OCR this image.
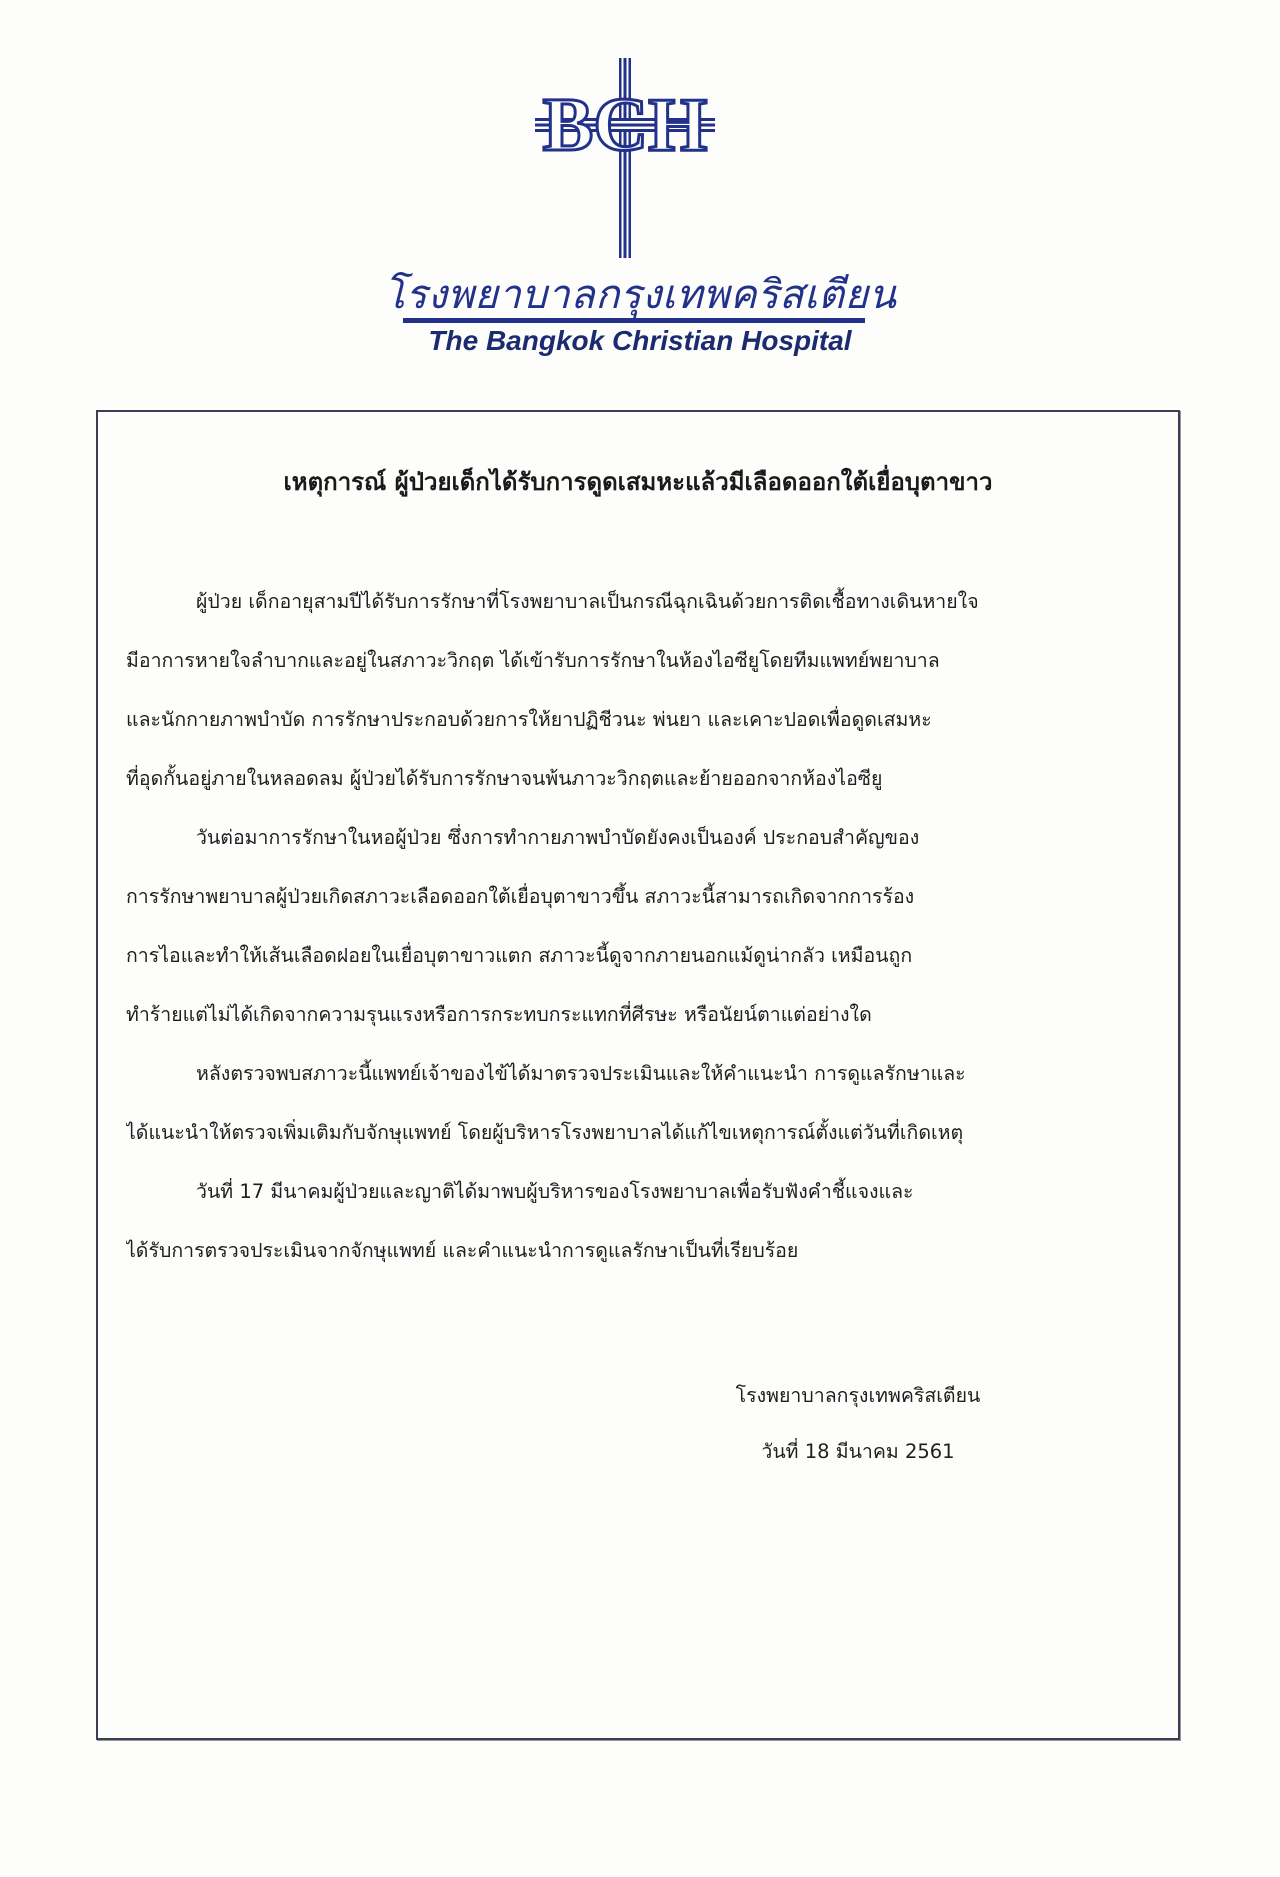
BCH
โรงพยาบาลกรุงเทพคริสเตียน
The Bangkok Christian Hospital
เหตุการณ์ ผู้ป่วยเด็กได้รับการดูดเสมหะแล้วมีเลือดออกใต้เยื่อบุตาขาว
ผู้ป่วย เด็กอายุสามปีได้รับการรักษาที่โรงพยาบาลเป็นกรณีฉุกเฉินด้วยการติดเชื้อทางเดินหายใจ
มีอาการหายใจลำบากและอยู่ในสภาวะวิกฤต ได้เข้ารับการรักษาในห้องไอซียูโดยทีมแพทย์พยาบาล
และนักกายภาพบำบัด การรักษาประกอบด้วยการให้ยาปฏิชีวนะ พ่นยา และเคาะปอดเพื่อดูดเสมหะ
ที่อุดกั้นอยู่ภายในหลอดลม ผู้ป่วยได้รับการรักษาจนพ้นภาวะวิกฤตและย้ายออกจากห้องไอซียู
วันต่อมาการรักษาในหอผู้ป่วย ซึ่งการทำกายภาพบำบัดยังคงเป็นองค์ ประกอบสำคัญของ
การรักษาพยาบาลผู้ป่วยเกิดสภาวะเลือดออกใต้เยื่อบุตาขาวขึ้น สภาวะนี้สามารถเกิดจากการร้อง
การไอและทำให้เส้นเลือดฝอยในเยื่อบุตาขาวแตก สภาวะนี้ดูจากภายนอกแม้ดูน่ากลัว เหมือนถูก
ทำร้ายแต่ไม่ได้เกิดจากความรุนแรงหรือการกระทบกระแทกที่ศีรษะ หรือนัยน์ตาแต่อย่างใด
หลังตรวจพบสภาวะนี้แพทย์เจ้าของไข้ได้มาตรวจประเมินและให้คำแนะนำ การดูแลรักษาและ
ได้แนะนำให้ตรวจเพิ่มเติมกับจักษุแพทย์ โดยผู้บริหารโรงพยาบาลได้แก้ไขเหตุการณ์ตั้งแต่วันที่เกิดเหตุ
วันที่ 17 มีนาคมผู้ป่วยและญาติได้มาพบผู้บริหารของโรงพยาบาลเพื่อรับฟังคำชี้แจงและ
ได้รับการตรวจประเมินจากจักษุแพทย์ และคำแนะนำการดูแลรักษาเป็นที่เรียบร้อย
โรงพยาบาลกรุงเทพคริสเตียน
วันที่ 18 มีนาคม 2561
